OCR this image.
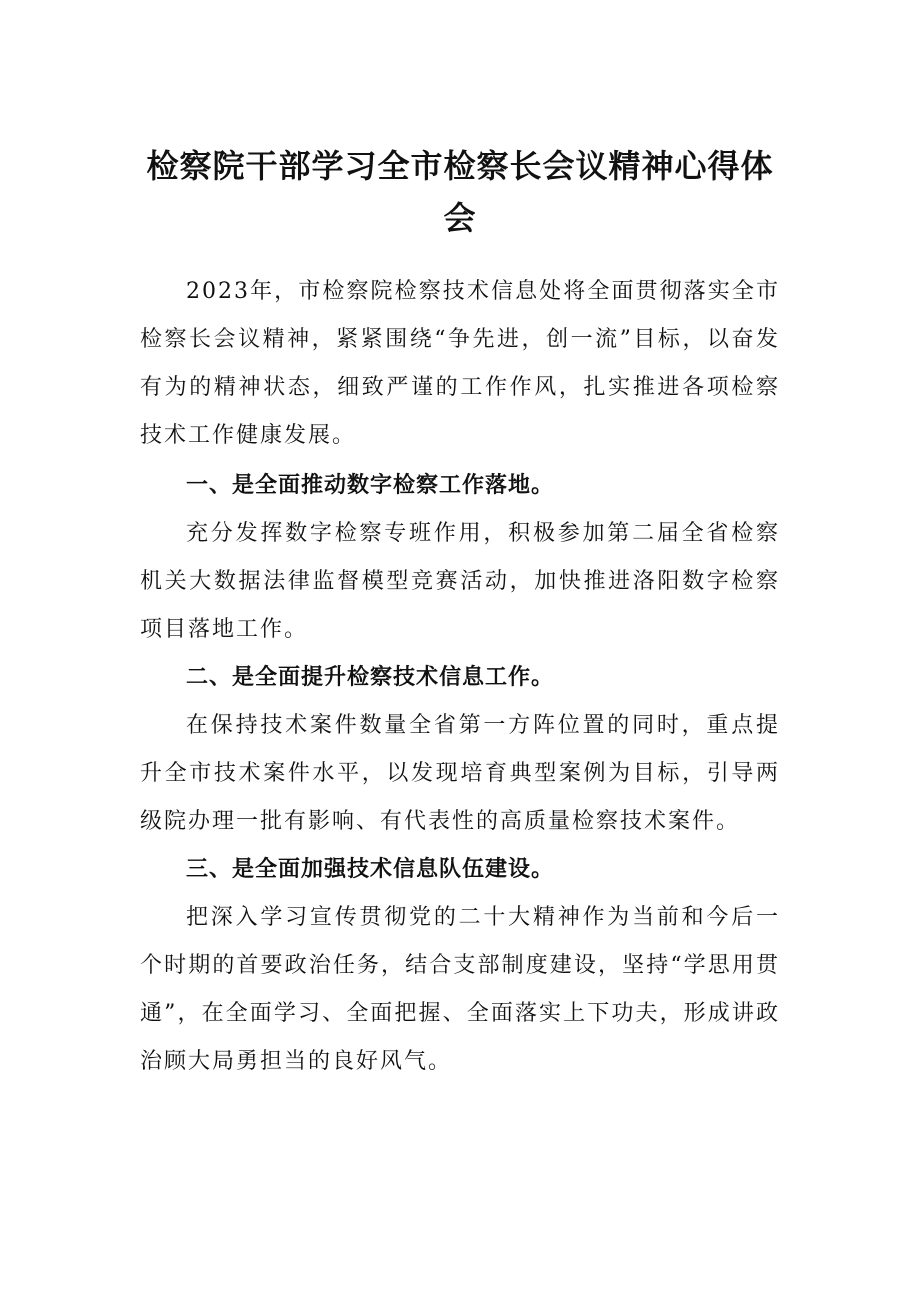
检察院干部学习全市检察长会议精神心得体会

2023年，市检察院检察技术信息处将全面贯彻落实全市检察长会议精神，紧紧围绕“争先进，创一流”目标，以奋发有为的精神状态，细致严谨的工作作风，扎实推进各项检察技术工作健康发展。

一、是全面推动数字检察工作落地。

充分发挥数字检察专班作用，积极参加第二届全省检察机关大数据法律监督模型竞赛活动，加快推进洛阳数字检察项目落地工作。

二、是全面提升检察技术信息工作。

在保持技术案件数量全省第一方阵位置的同时，重点提升全市技术案件水平，以发现培育典型案例为目标，引导两级院办理一批有影响、有代表性的高质量检察技术案件。

三、是全面加强技术信息队伍建设。

把深入学习宣传贯彻党的二十大精神作为当前和今后一个时期的首要政治任务，结合支部制度建设，坚持“学思用贯通”，在全面学习、全面把握、全面落实上下功夫，形成讲政治顾大局勇担当的良好风气。
